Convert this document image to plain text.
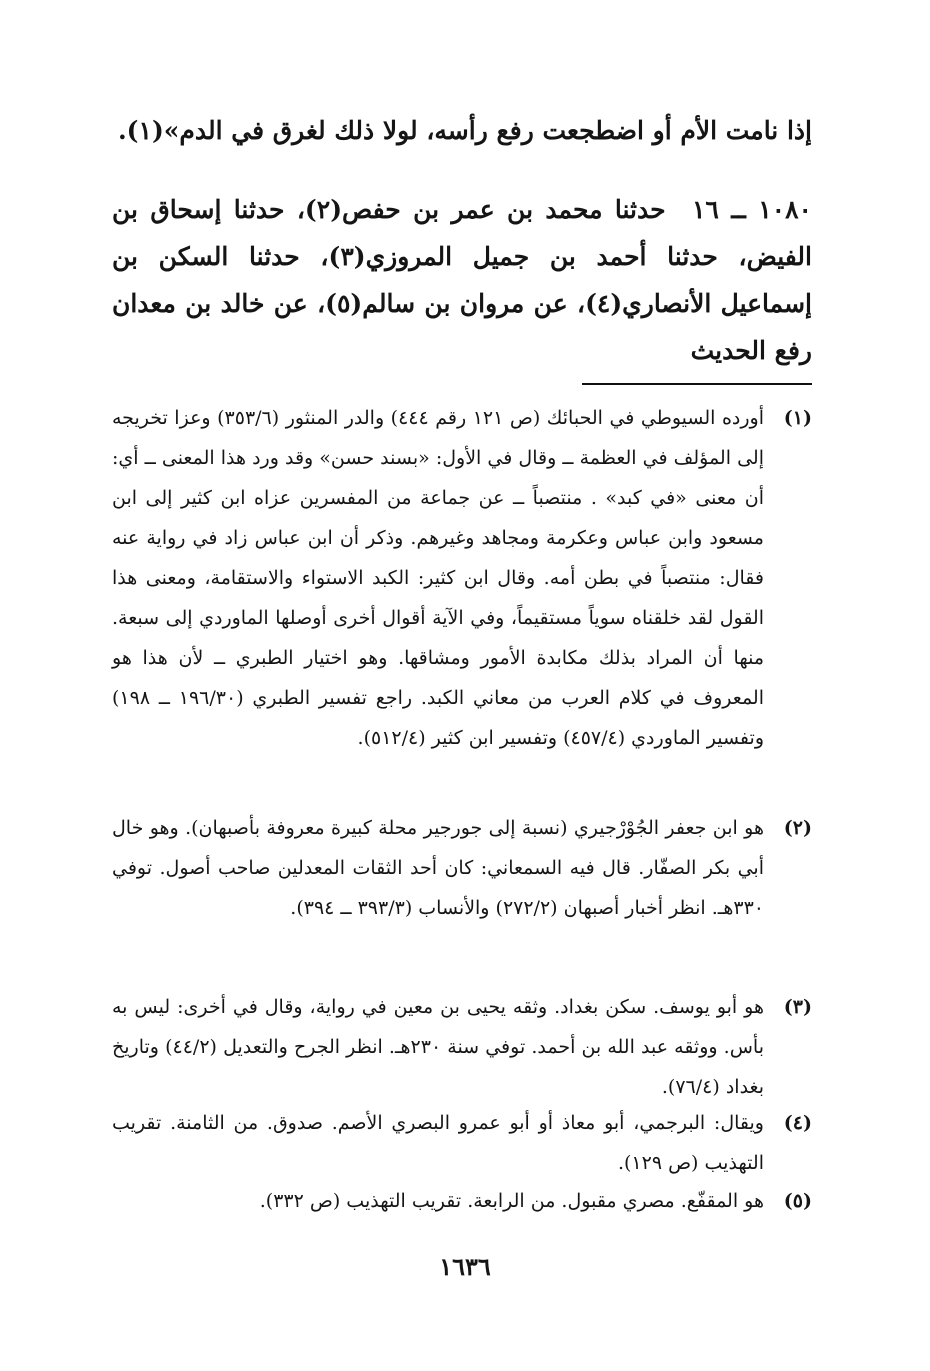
إذا نامت الأم أو اضطجعت رفع رأسه، لولا ذلك لغرق في الدم»(١).
١٠٨٠ ــ ١٦ حدثنا محمد بن عمر بن حفص(٢)، حدثنا إسحاق بن الفيض، حدثنا أحمد بن جميل المروزي(٣)، حدثنا السكن بن إسماعيل الأنصاري(٤)، عن مروان بن سالم(٥)، عن خالد بن معدان رفع الحديث
(١)
أورده السيوطي في الحبائك (ص ١٢١ رقم ٤٤٤) والدر المنثور (٣٥٣/٦) وعزا تخريجه إلى المؤلف في العظمة ــ وقال في الأول: «بسند حسن» وقد ورد هذا المعنى ــ أي: أن معنى «في كبد» . منتصباً ــ عن جماعة من المفسرين عزاه ابن كثير إلى ابن مسعود وابن عباس وعكرمة ومجاهد وغيرهم. وذكر أن ابن عباس زاد في رواية عنه فقال: منتصباً في بطن أمه. وقال ابن كثير: الكبد الاستواء والاستقامة، ومعنى هذا القول لقد خلقناه سوياً مستقيماً، وفي الآية أقوال أخرى أوصلها الماوردي إلى سبعة. منها أن المراد بذلك مكابدة الأمور ومشاقها. وهو اختيار الطبري ــ لأن هذا هو المعروف في كلام العرب من معاني الكبد. راجع تفسير الطبري (١٩٦/٣٠ ــ ١٩٨) وتفسير الماوردي (٤٥٧/٤) وتفسير ابن كثير (٥١٢/٤).
(٢)
هو ابن جعفر الجُوْرْجيري (نسبة إلى جورجير محلة كبيرة معروفة بأصبهان). وهو خال أبي بكر الصفّار. قال فيه السمعاني: كان أحد الثقات المعدلين صاحب أصول. توفي ٣٣٠هـ. انظر أخبار أصبهان (٢٧٢/٢) والأنساب (٣٩٣/٣ ــ ٣٩٤).
(٣)
هو أبو يوسف. سكن بغداد. وثقه يحيى بن معين في رواية، وقال في أخرى: ليس به بأس. ووثقه عبد الله بن أحمد. توفي سنة ٢٣٠هـ. انظر الجرح والتعديل (٤٤/٢) وتاريخ بغداد (٧٦/٤).
(٤)
ويقال: البرجمي، أبو معاذ أو أبو عمرو البصري الأصم. صدوق. من الثامنة. تقريب التهذيب (ص ١٢٩).
(٥)
هو المقفّع. مصري مقبول. من الرابعة. تقريب التهذيب (ص ٣٣٢).
١٦٣٦
